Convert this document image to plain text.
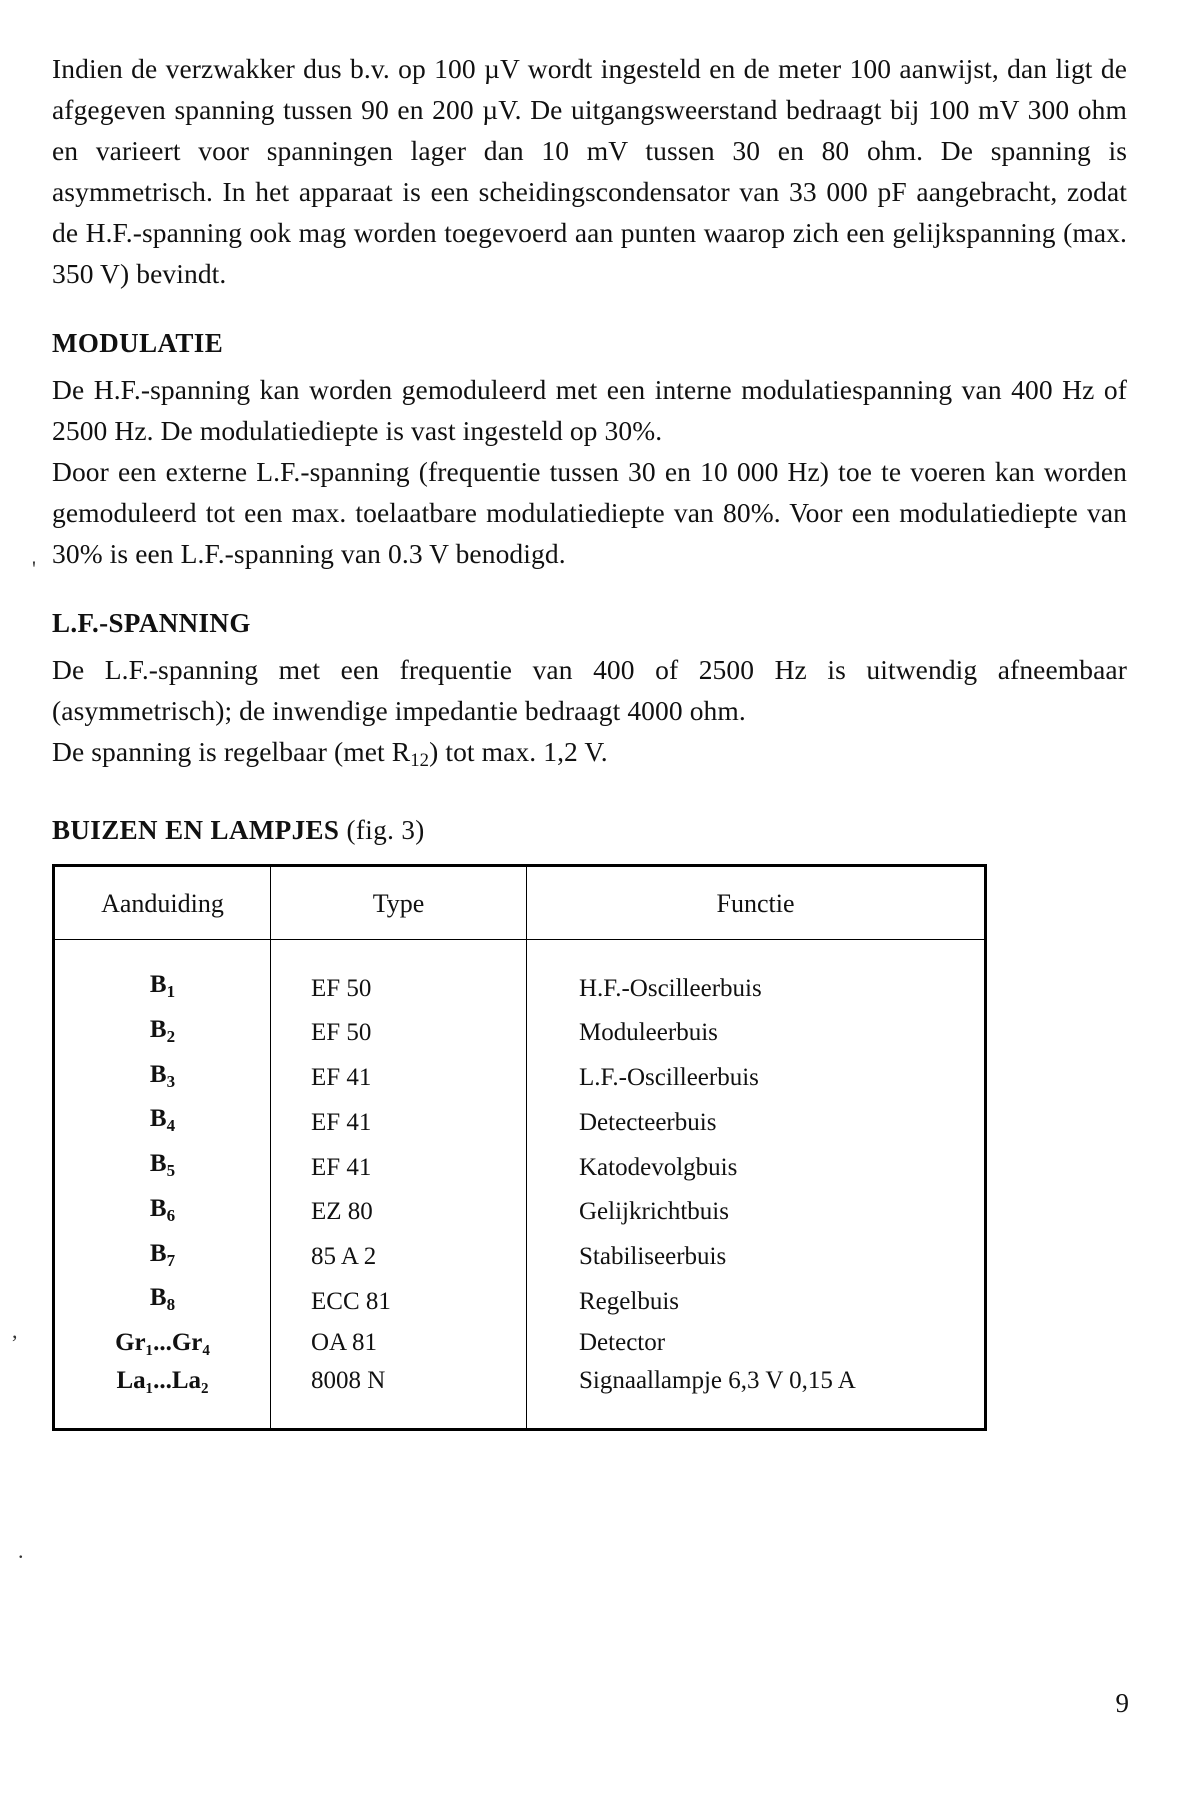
'
,
.

Indien de verzwakker dus b.v. op 100 µV wordt ingesteld en de meter 100 aanwijst, dan ligt de afgegeven spanning tussen 90 en 200 µV. De uitgangsweerstand bedraagt bij 100 mV 300 ohm en varieert voor spanningen lager dan 10 mV tussen 30 en 80 ohm. De spanning is asymmetrisch. In het apparaat is een scheidingscondensator van 33 000 pF aangebracht, zodat de H.F.-spanning ook mag worden toegevoerd aan punten waarop zich een gelijkspanning (max. 350 V) bevindt.

MODULATIE

De H.F.-spanning kan worden gemoduleerd met een interne modulatiespanning van 400 Hz of 2500 Hz. De modulatiediepte is vast ingesteld op 30%.

Door een externe L.F.-spanning (frequentie tussen 30 en 10 000 Hz) toe te voeren kan worden gemoduleerd tot een max. toelaatbare modulatiediepte van 80%. Voor een modulatiediepte van 30% is een L.F.-spanning van 0.3 V benodigd.

L.F.-SPANNING

De L.F.-spanning met een frequentie van 400 of 2500 Hz is uitwendig afneembaar (asymmetrisch); de inwendige impedantie bedraagt 4000 ohm.

De spanning is regelbaar (met $R_{12}$) tot max. 1,2 V.

BUIZEN EN LAMPJES (fig. 3)
Aanduiding	Type	Functie
$B_1$	EF 50	H.F.-Oscilleerbuis
$B_2$	EF 50	Moduleerbuis
$B_3$	EF 41	L.F.-Oscilleerbuis
$B_4$	EF 41	Detecteerbuis
$B_5$	EF 41	Katodevolgbuis
$B_6$	EZ 80	Gelijkrichtbuis
$B_7$	85 A 2	Stabiliseerbuis
$B_8$	ECC 81	Regelbuis
Gr₁...Gr₄	OA 81	Detector
La₁...La₂	8008 N	Signaallampje 6,3 V 0,15 A
9
